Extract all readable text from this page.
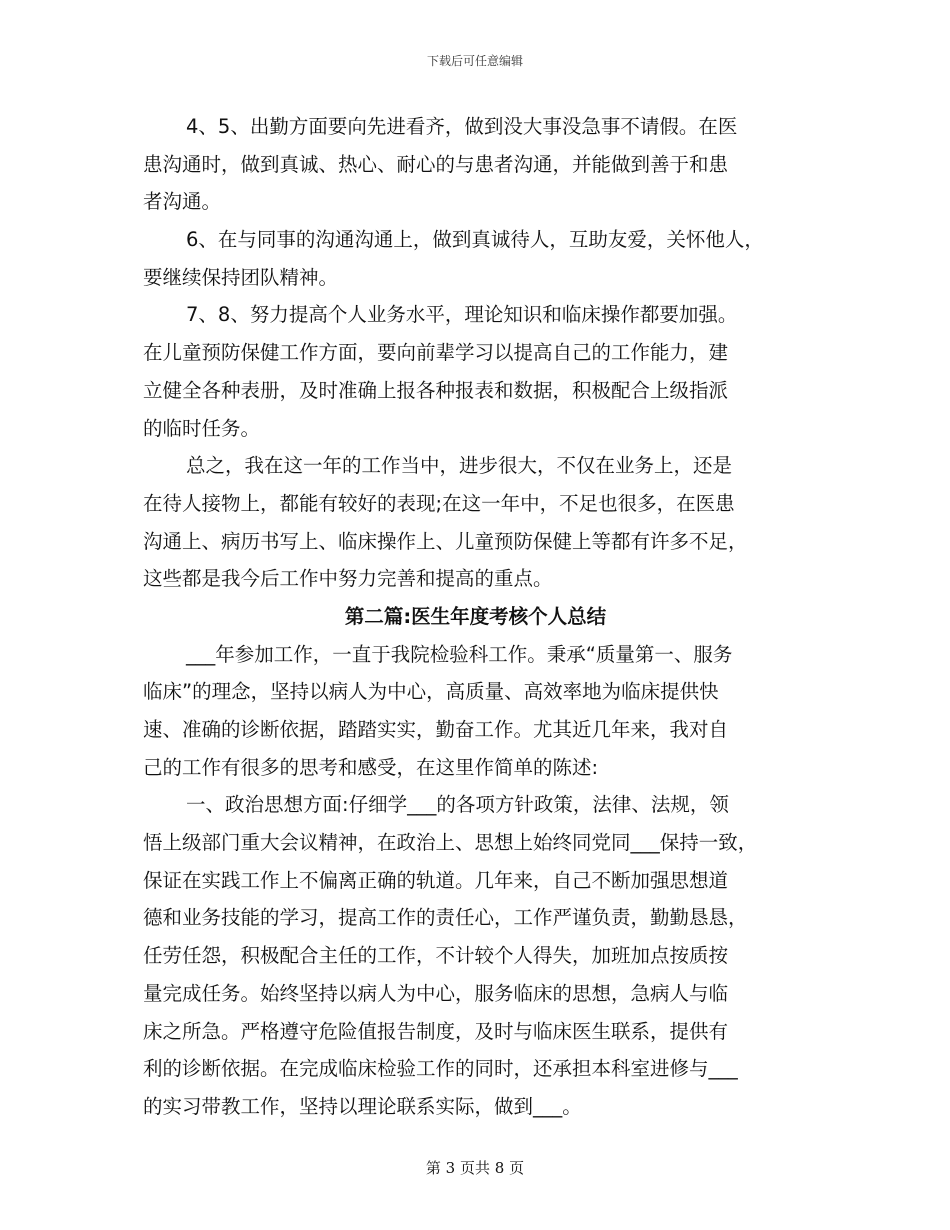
下载后可任意编辑
4、5、出勤方面要向先进看齐，做到没大事没急事不请假。在医
患沟通时，做到真诚、热心、耐心的与患者沟通，并能做到善于和患
者沟通。
6、在与同事的沟通沟通上，做到真诚待人，互助友爱，关怀他人，
要继续保持团队精神。
7、8、努力提高个人业务水平，理论知识和临床操作都要加强。
在儿童预防保健工作方面，要向前辈学习以提高自己的工作能力，建
立健全各种表册，及时准确上报各种报表和数据，积极配合上级指派
的临时任务。
总之，我在这一年的工作当中，进步很大，不仅在业务上，还是
在待人接物上，都能有较好的表现;在这一年中，不足也很多，在医患
沟通上、病历书写上、临床操作上、儿童预防保健上等都有许多不足，
这些都是我今后工作中努力完善和提高的重点。
第二篇:医生年度考核个人总结
___年参加工作，一直于我院检验科工作。秉承“质量第一、服务
临床”的理念，坚持以病人为中心，高质量、高效率地为临床提供快
速、准确的诊断依据，踏踏实实，勤奋工作。尤其近几年来，我对自
己的工作有很多的思考和感受，在这里作简单的陈述:
一、政治思想方面:仔细学___的各项方针政策，法律、法规，领
悟上级部门重大会议精神，在政治上、思想上始终同党同___保持一致，
保证在实践工作上不偏离正确的轨道。几年来，自己不断加强思想道
德和业务技能的学习，提高工作的责任心，工作严谨负责，勤勤恳恳，
任劳任怨，积极配合主任的工作，不计较个人得失，加班加点按质按
量完成任务。始终坚持以病人为中心，服务临床的思想，急病人与临
床之所急。严格遵守危险值报告制度，及时与临床医生联系，提供有
利的诊断依据。在完成临床检验工作的同时，还承担本科室进修与___
的实习带教工作，坚持以理论联系实际，做到___。
第 3 页共 8 页
